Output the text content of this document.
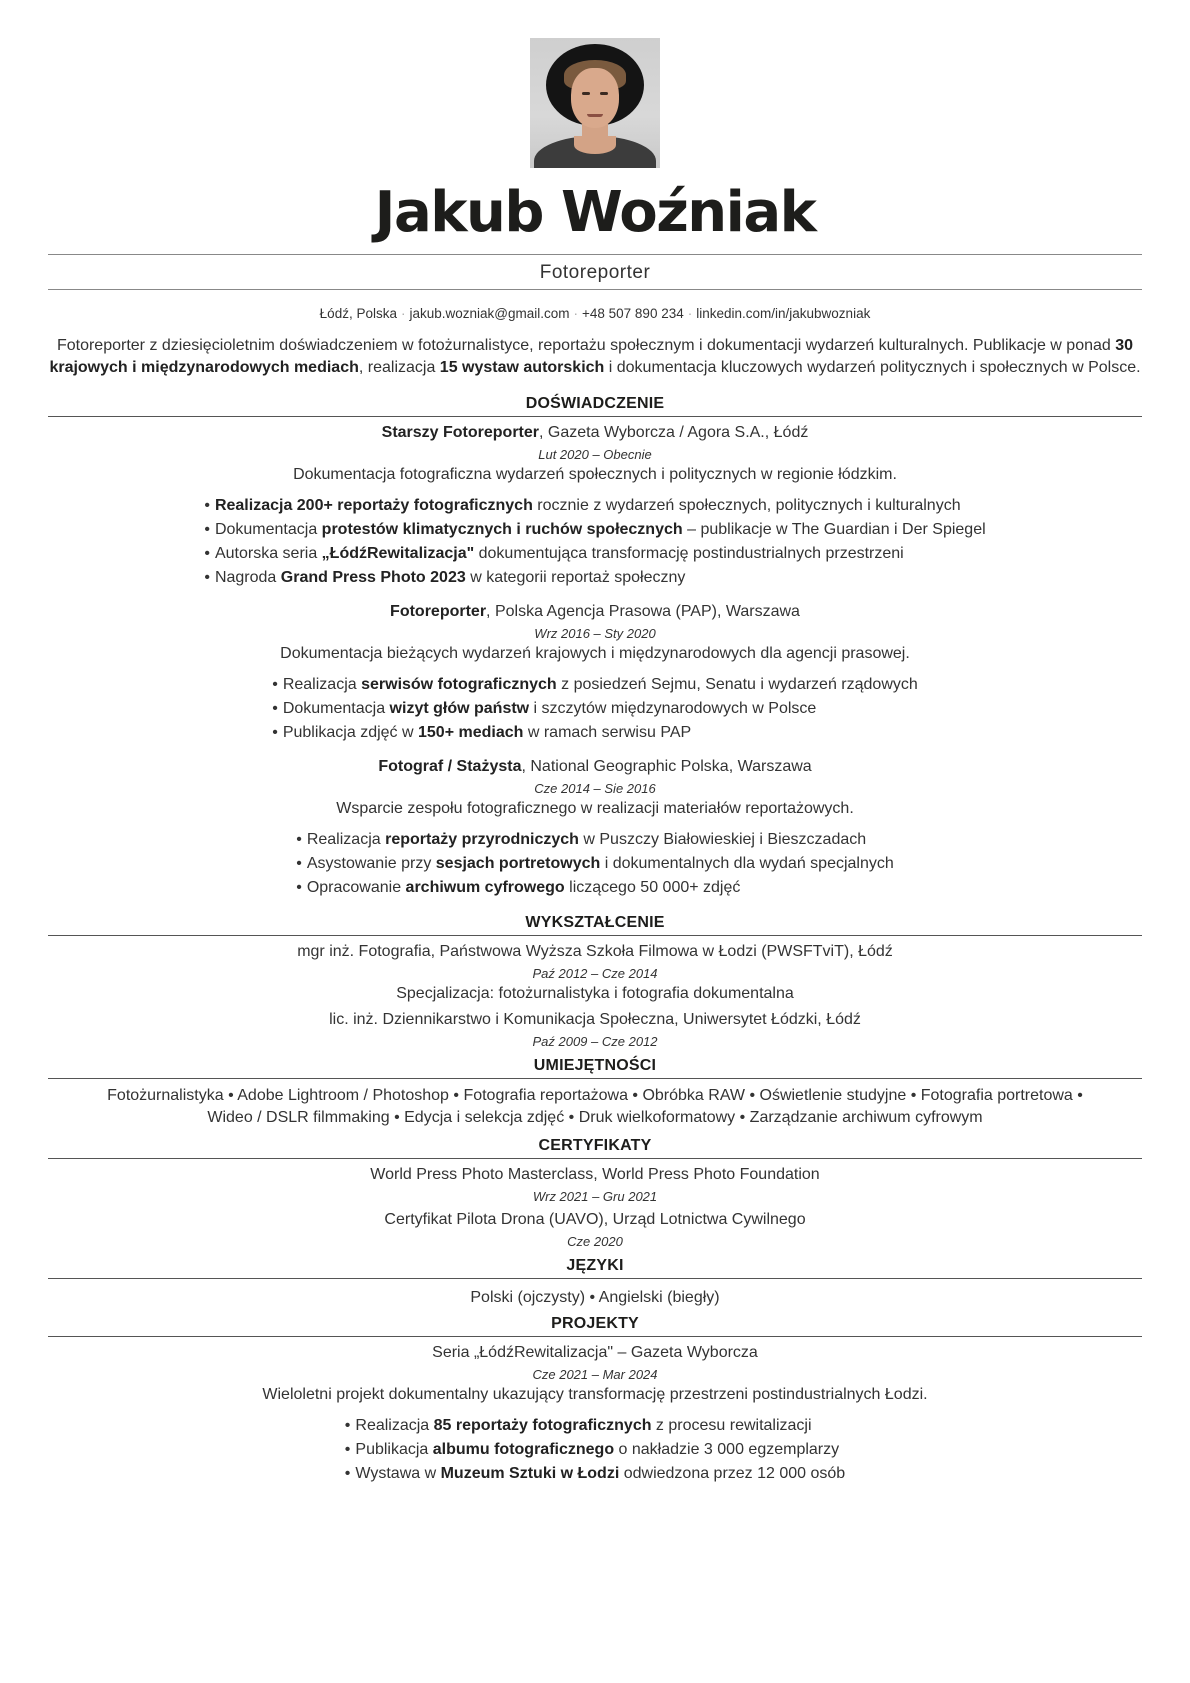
Jakub Woźniak
Fotoreporter
Łódź, Polska · jakub.wozniak@gmail.com · +48 507 890 234 · linkedin.com/in/jakubwozniak
Fotoreporter z dziesięcioletnim doświadczeniem w fotożurnalistyce, reportażu społecznym i dokumentacji wydarzeń kulturalnych. Publikacje w ponad 30 krajowych i międzynarodowych mediach, realizacja 15 wystaw autorskich i dokumentacja kluczowych wydarzeń politycznych i społecznych w Polsce.
DOŚWIADCZENIE
Starszy Fotoreporter, Gazeta Wyborcza / Agora S.A., Łódź
Lut 2020 – Obecnie
Dokumentacja fotograficzna wydarzeń społecznych i politycznych w regionie łódzkim.
• Realizacja 200+ reportaży fotograficznych rocznie z wydarzeń społecznych, politycznych i kulturalnych
• Dokumentacja protestów klimatycznych i ruchów społecznych – publikacje w The Guardian i Der Spiegel
• Autorska seria „ŁódźRewitalizacja" dokumentująca transformację postindustrialnych przestrzeni
• Nagroda Grand Press Photo 2023 w kategorii reportaż społeczny
Fotoreporter, Polska Agencja Prasowa (PAP), Warszawa
Wrz 2016 – Sty 2020
Dokumentacja bieżących wydarzeń krajowych i międzynarodowych dla agencji prasowej.
• Realizacja serwisów fotograficznych z posiedzeń Sejmu, Senatu i wydarzeń rządowych
• Dokumentacja wizyt głów państw i szczytów międzynarodowych w Polsce
• Publikacja zdjęć w 150+ mediach w ramach serwisu PAP
Fotograf / Stażysta, National Geographic Polska, Warszawa
Cze 2014 – Sie 2016
Wsparcie zespołu fotograficznego w realizacji materiałów reportażowych.
• Realizacja reportaży przyrodniczych w Puszczy Białowieskiej i Bieszczadach
• Asystowanie przy sesjach portretowych i dokumentalnych dla wydań specjalnych
• Opracowanie archiwum cyfrowego liczącego 50 000+ zdjęć
WYKSZTAŁCENIE
mgr inż. Fotografia, Państwowa Wyższa Szkoła Filmowa w Łodzi (PWSFTviT), Łódź
Paź 2012 – Cze 2014
Specjalizacja: fotożurnalistyka i fotografia dokumentalna
lic. inż. Dziennikarstwo i Komunikacja Społeczna, Uniwersytet Łódzki, Łódź
Paź 2009 – Cze 2012
UMIEJĘTNOŚCI
Fotożurnalistyka • Adobe Lightroom / Photoshop • Fotografia reportażowa • Obróbka RAW • Oświetlenie studyjne • Fotografia portretowa •
Wideo / DSLR filmmaking • Edycja i selekcja zdjęć • Druk wielkoformatowy • Zarządzanie archiwum cyfrowym
CERTYFIKATY
World Press Photo Masterclass, World Press Photo Foundation
Wrz 2021 – Gru 2021
Certyfikat Pilota Drona (UAVO), Urząd Lotnictwa Cywilnego
Cze 2020
JĘZYKI
Polski (ojczysty) • Angielski (biegły)
PROJEKTY
Seria „ŁódźRewitalizacja" – Gazeta Wyborcza
Cze 2021 – Mar 2024
Wieloletni projekt dokumentalny ukazujący transformację przestrzeni postindustrialnych Łodzi.
• Realizacja 85 reportaży fotograficznych z procesu rewitalizacji
• Publikacja albumu fotograficznego o nakładzie 3 000 egzemplarzy
• Wystawa w Muzeum Sztuki w Łodzi odwiedzona przez 12 000 osób
